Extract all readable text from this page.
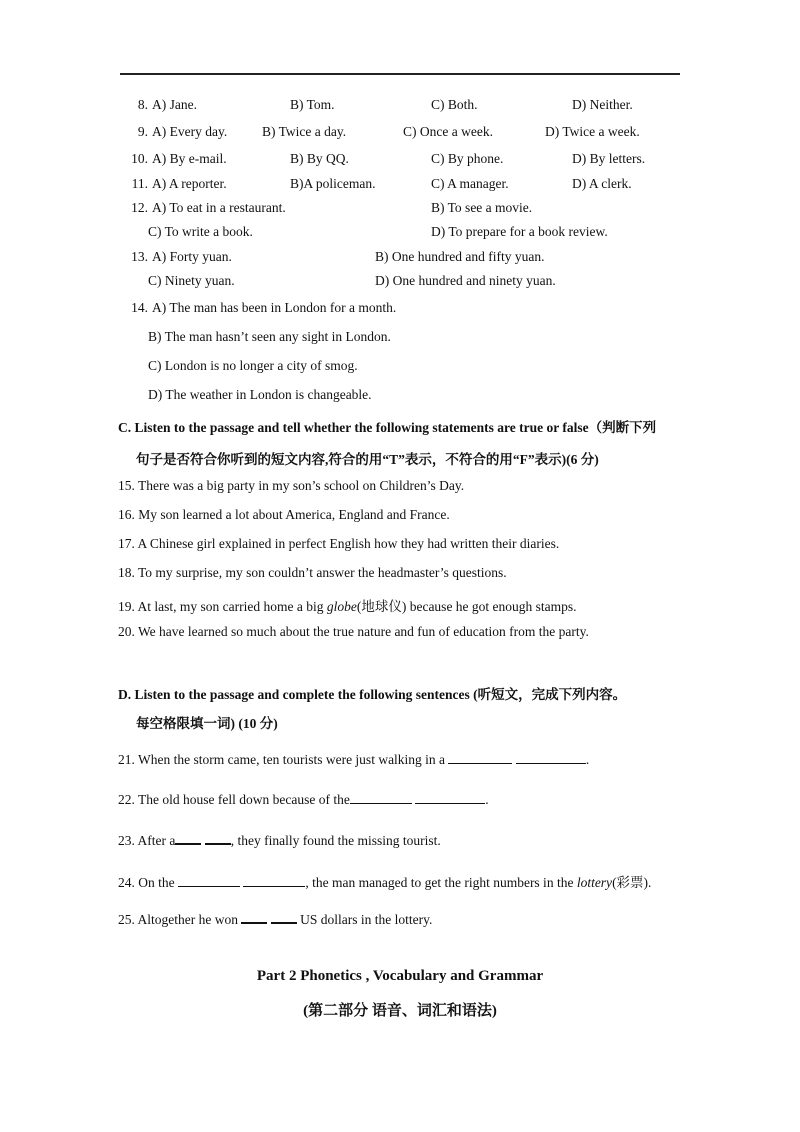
8. A) Jane.	B) Tom.	C) Both.	D) Neither.
9. A) Every day.	B) Twice a day.	C) Once a week.	D) Twice a week.
10. A) By e-mail.	B) By QQ.	C) By phone.	D) By letters.
11. A) A reporter.	B)A policeman.	C) A manager.	D) A clerk.
12. A) To eat in a restaurant.	B) To see a movie.
C) To write a book.	D) To prepare for a book review.
13. A) Forty yuan.	B) One hundred and fifty yuan.
C) Ninety yuan.	D) One hundred and ninety yuan.
14. A) The man has been in London for a month.
B) The man hasn’t seen any sight in London.
C) London is no longer a city of smog.
D) The weather in London is changeable.
C. Listen to the passage and tell whether the following statements are true or false（判断下列
句子是否符合你听到的短文内容,符合的用“T”表示，不符合的用“F”表示)(6 分)
15. There was a big party in my son’s school on Children’s Day.
16. My son learned a lot about America, England and France.
17. A Chinese girl explained in perfect English how they had written their diaries.
18. To my surprise, my son couldn’t answer the headmaster’s questions.
19. At last, my son carried home a big globe(地球仪) because he got enough stamps.
20. We have learned so much about the true nature and fun of education from the party.
D. Listen to the passage and complete the following sentences (听短文，完成下列内容。
每空格限填一词) (10 分)
21. When the storm came, ten tourists were just walking in a	.
22. The old house fell down because of the	.
23. After a	, they finally found the missing tourist.
24. On the	, the man managed to get the right numbers in the lottery(彩票).
25. Altogether he won	US dollars in the lottery.
Part 2 Phonetics , Vocabulary and Grammar
(第二部分 语音、词汇和语法)
